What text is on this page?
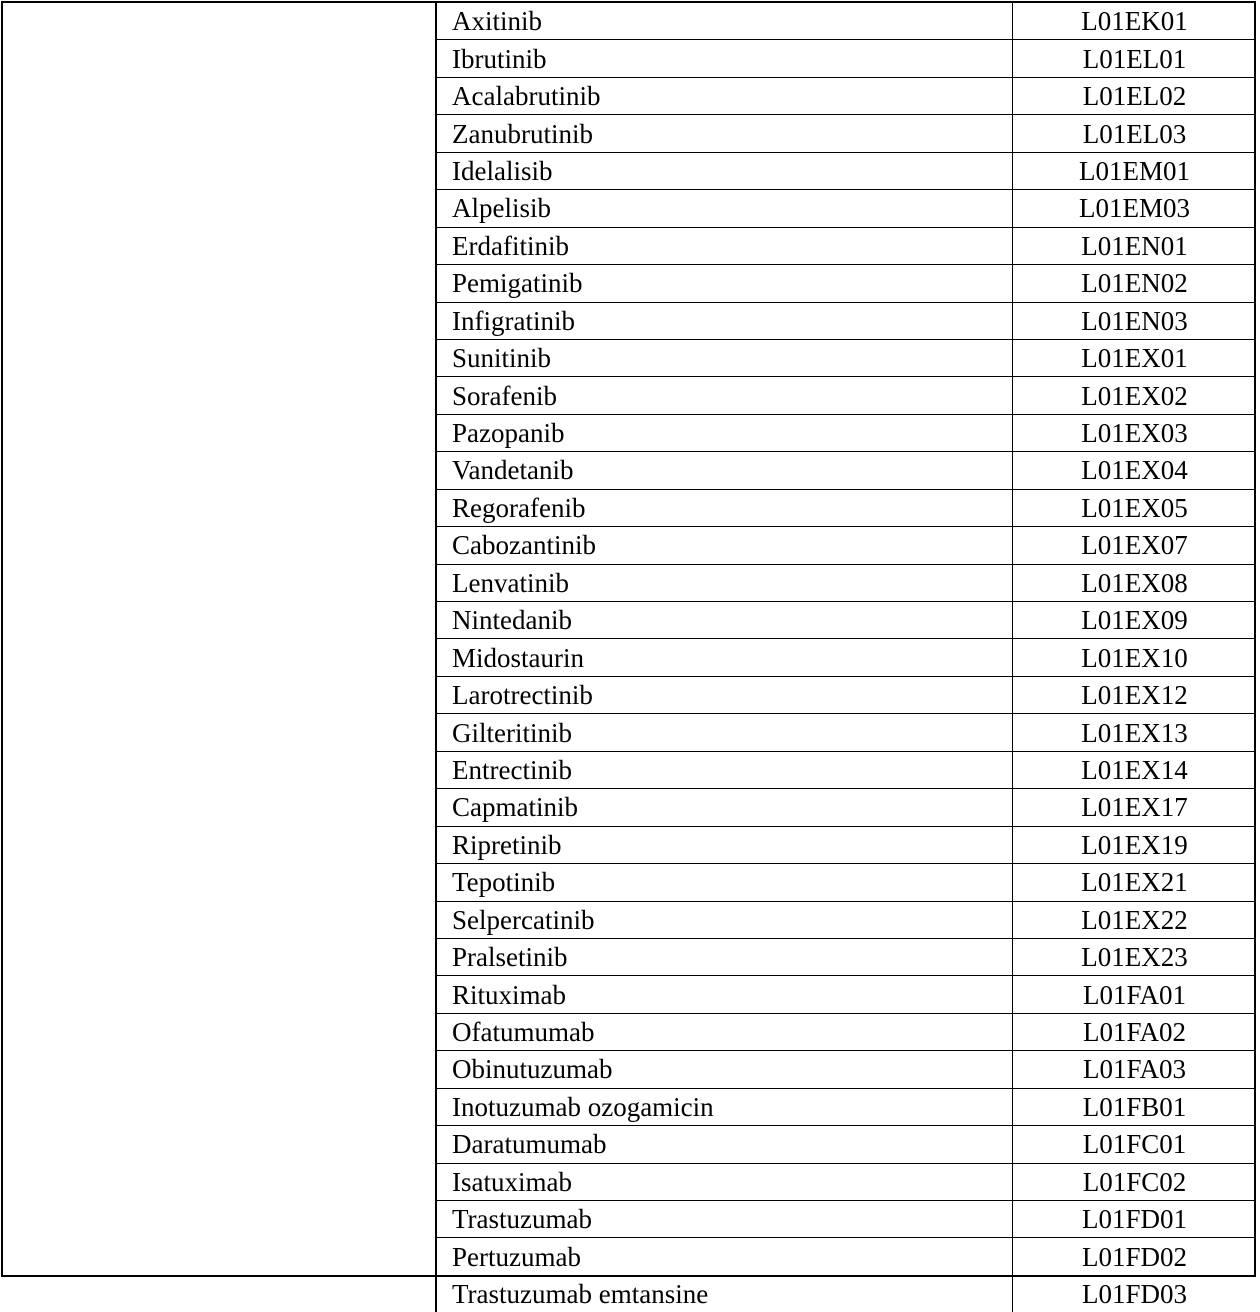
Axitinib	L01EK01
Ibrutinib	L01EL01
Acalabrutinib	L01EL02
Zanubrutinib	L01EL03
Idelalisib	L01EM01
Alpelisib	L01EM03
Erdafitinib	L01EN01
Pemigatinib	L01EN02
Infigratinib	L01EN03
Sunitinib	L01EX01
Sorafenib	L01EX02
Pazopanib	L01EX03
Vandetanib	L01EX04
Regorafenib	L01EX05
Cabozantinib	L01EX07
Lenvatinib	L01EX08
Nintedanib	L01EX09
Midostaurin	L01EX10
Larotrectinib	L01EX12
Gilteritinib	L01EX13
Entrectinib	L01EX14
Capmatinib	L01EX17
Ripretinib	L01EX19
Tepotinib	L01EX21
Selpercatinib	L01EX22
Pralsetinib	L01EX23
Rituximab	L01FA01
Ofatumumab	L01FA02
Obinutuzumab	L01FA03
Inotuzumab ozogamicin	L01FB01
Daratumumab	L01FC01
Isatuximab	L01FC02
Trastuzumab	L01FD01
Pertuzumab	L01FD02
Trastuzumab emtansine	L01FD03
